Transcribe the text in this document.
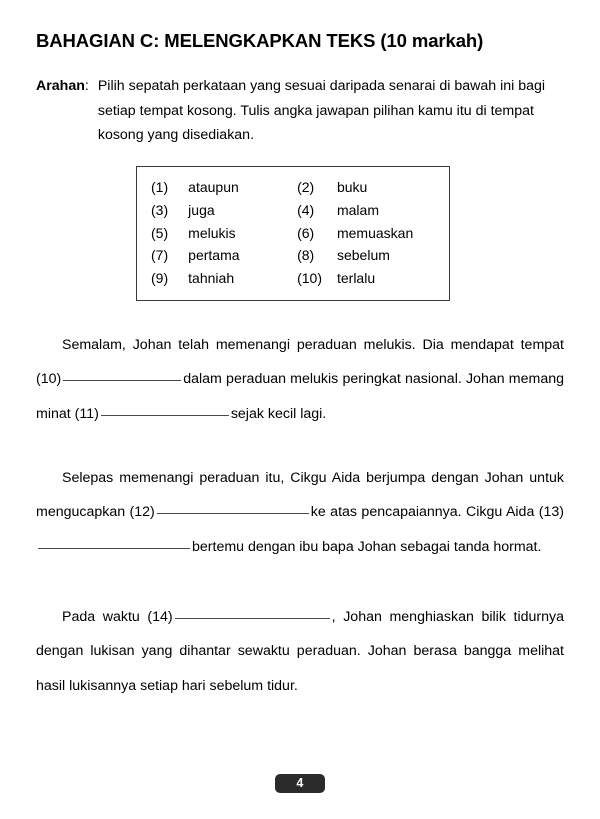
BAHAGIAN C: MELENGKAPKAN TEKS (10 markah)
Arahan : Pilih sepatah perkataan yang sesuai daripada senarai di bawah ini bagi setiap tempat kosong. Tulis angka jawapan pilihan kamu itu di tempat kosong yang disediakan.
(1)	ataupun	(2)	buku
(3)	juga	(4)	malam
(5)	melukis	(6)	memuaskan
(7)	pertama	(8)	sebelum
(9)	tahniah	(10)	terlalu

Semalam, Johan telah memenangi peraduan melukis. Dia mendapat tempat (10)	dalam peraduan melukis peringkat nasional. Johan memang minat (11)	sejak kecil lagi.

Selepas memenangi peraduan itu, Cikgu Aida berjumpa dengan Johan untuk mengucapkan (12)	ke atas pencapaiannya. Cikgu Aida (13)bertemu dengan ibu bapa Johan sebagai tanda hormat.

Pada waktu (14)	, Johan menghiaskan bilik tidurnya dengan lukisan yang dihantar sewaktu peraduan. Johan berasa bangga melihat hasil lukisannya setiap hari sebelum tidur.

4
